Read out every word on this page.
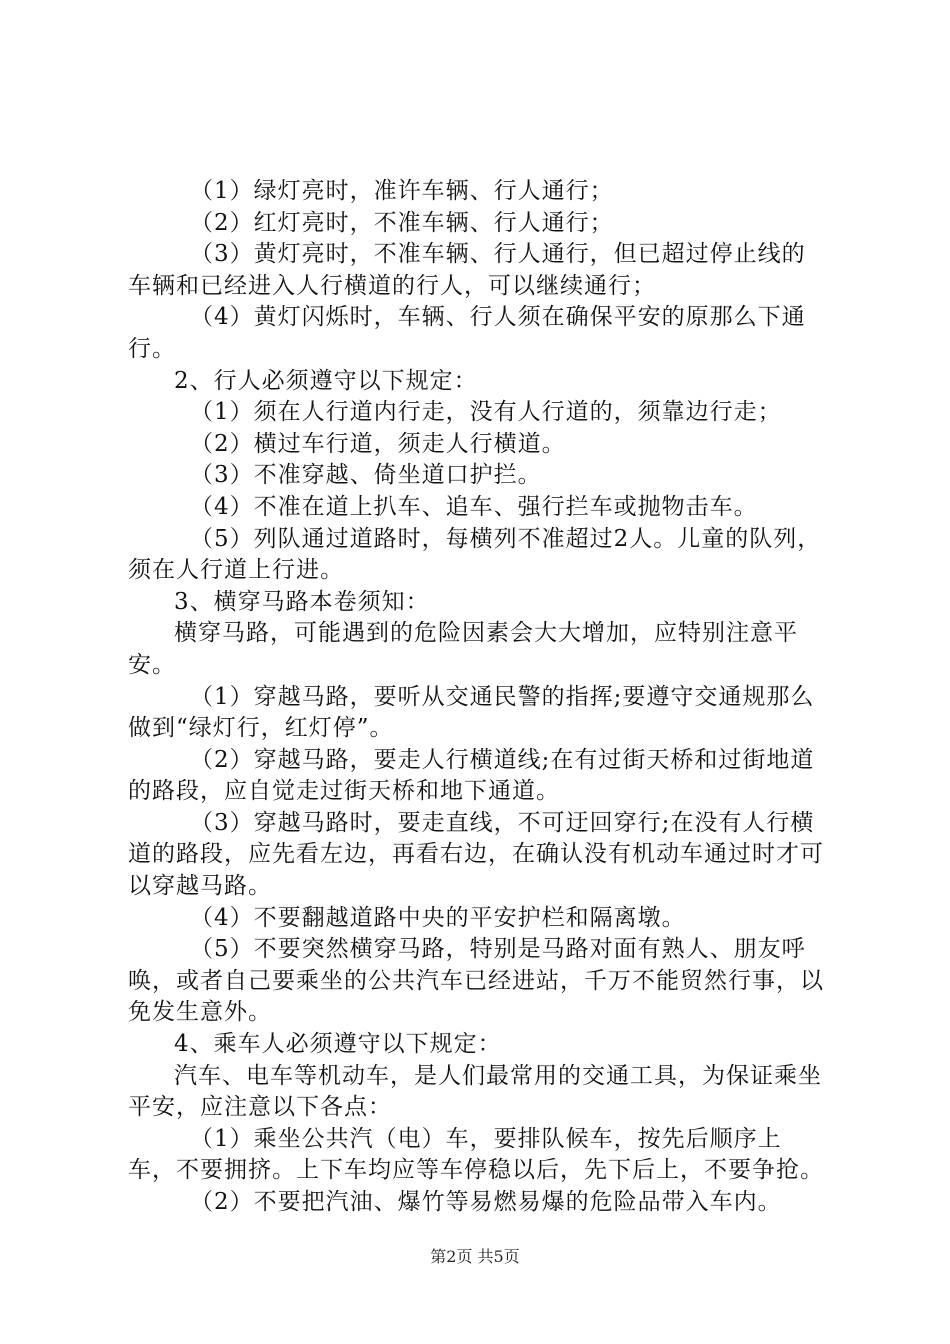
（1）绿灯亮时，准许车辆、行人通行；

（2）红灯亮时，不准车辆、行人通行；

（3）黄灯亮时，不准车辆、行人通行，但已超过停止线的车辆和已经进入人行横道的行人，可以继续通行；

（4）黄灯闪烁时，车辆、行人须在确保平安的原那么下通行。

2、行人必须遵守以下规定：

（1）须在人行道内行走，没有人行道的，须靠边行走；

（2）横过车行道，须走人行横道。

（3）不准穿越、倚坐道口护拦。

（4）不准在道上扒车、追车、强行拦车或抛物击车。

（5）列队通过道路时，每横列不准超过2人。儿童的队列，须在人行道上行进。

3、横穿马路本卷须知：

横穿马路，可能遇到的危险因素会大大增加，应特别注意平安。

（1）穿越马路，要听从交通民警的指挥;要遵守交通规那么做到“绿灯行，红灯停”。

（2）穿越马路，要走人行横道线;在有过街天桥和过街地道的路段，应自觉走过街天桥和地下通道。

（3）穿越马路时，要走直线，不可迂回穿行;在没有人行横道的路段，应先看左边，再看右边，在确认没有机动车通过时才可以穿越马路。

（4）不要翻越道路中央的平安护栏和隔离墩。

（5）不要突然横穿马路，特别是马路对面有熟人、朋友呼唤，或者自己要乘坐的公共汽车已经进站，千万不能贸然行事，以免发生意外。

4、乘车人必须遵守以下规定：

汽车、电车等机动车，是人们最常用的交通工具，为保证乘坐平安，应注意以下各点：

（1）乘坐公共汽（电）车，要排队候车，按先后顺序上车，不要拥挤。上下车均应等车停稳以后，先下后上，不要争抢。

（2）不要把汽油、爆竹等易燃易爆的危险品带入车内。

第2页 共5页
